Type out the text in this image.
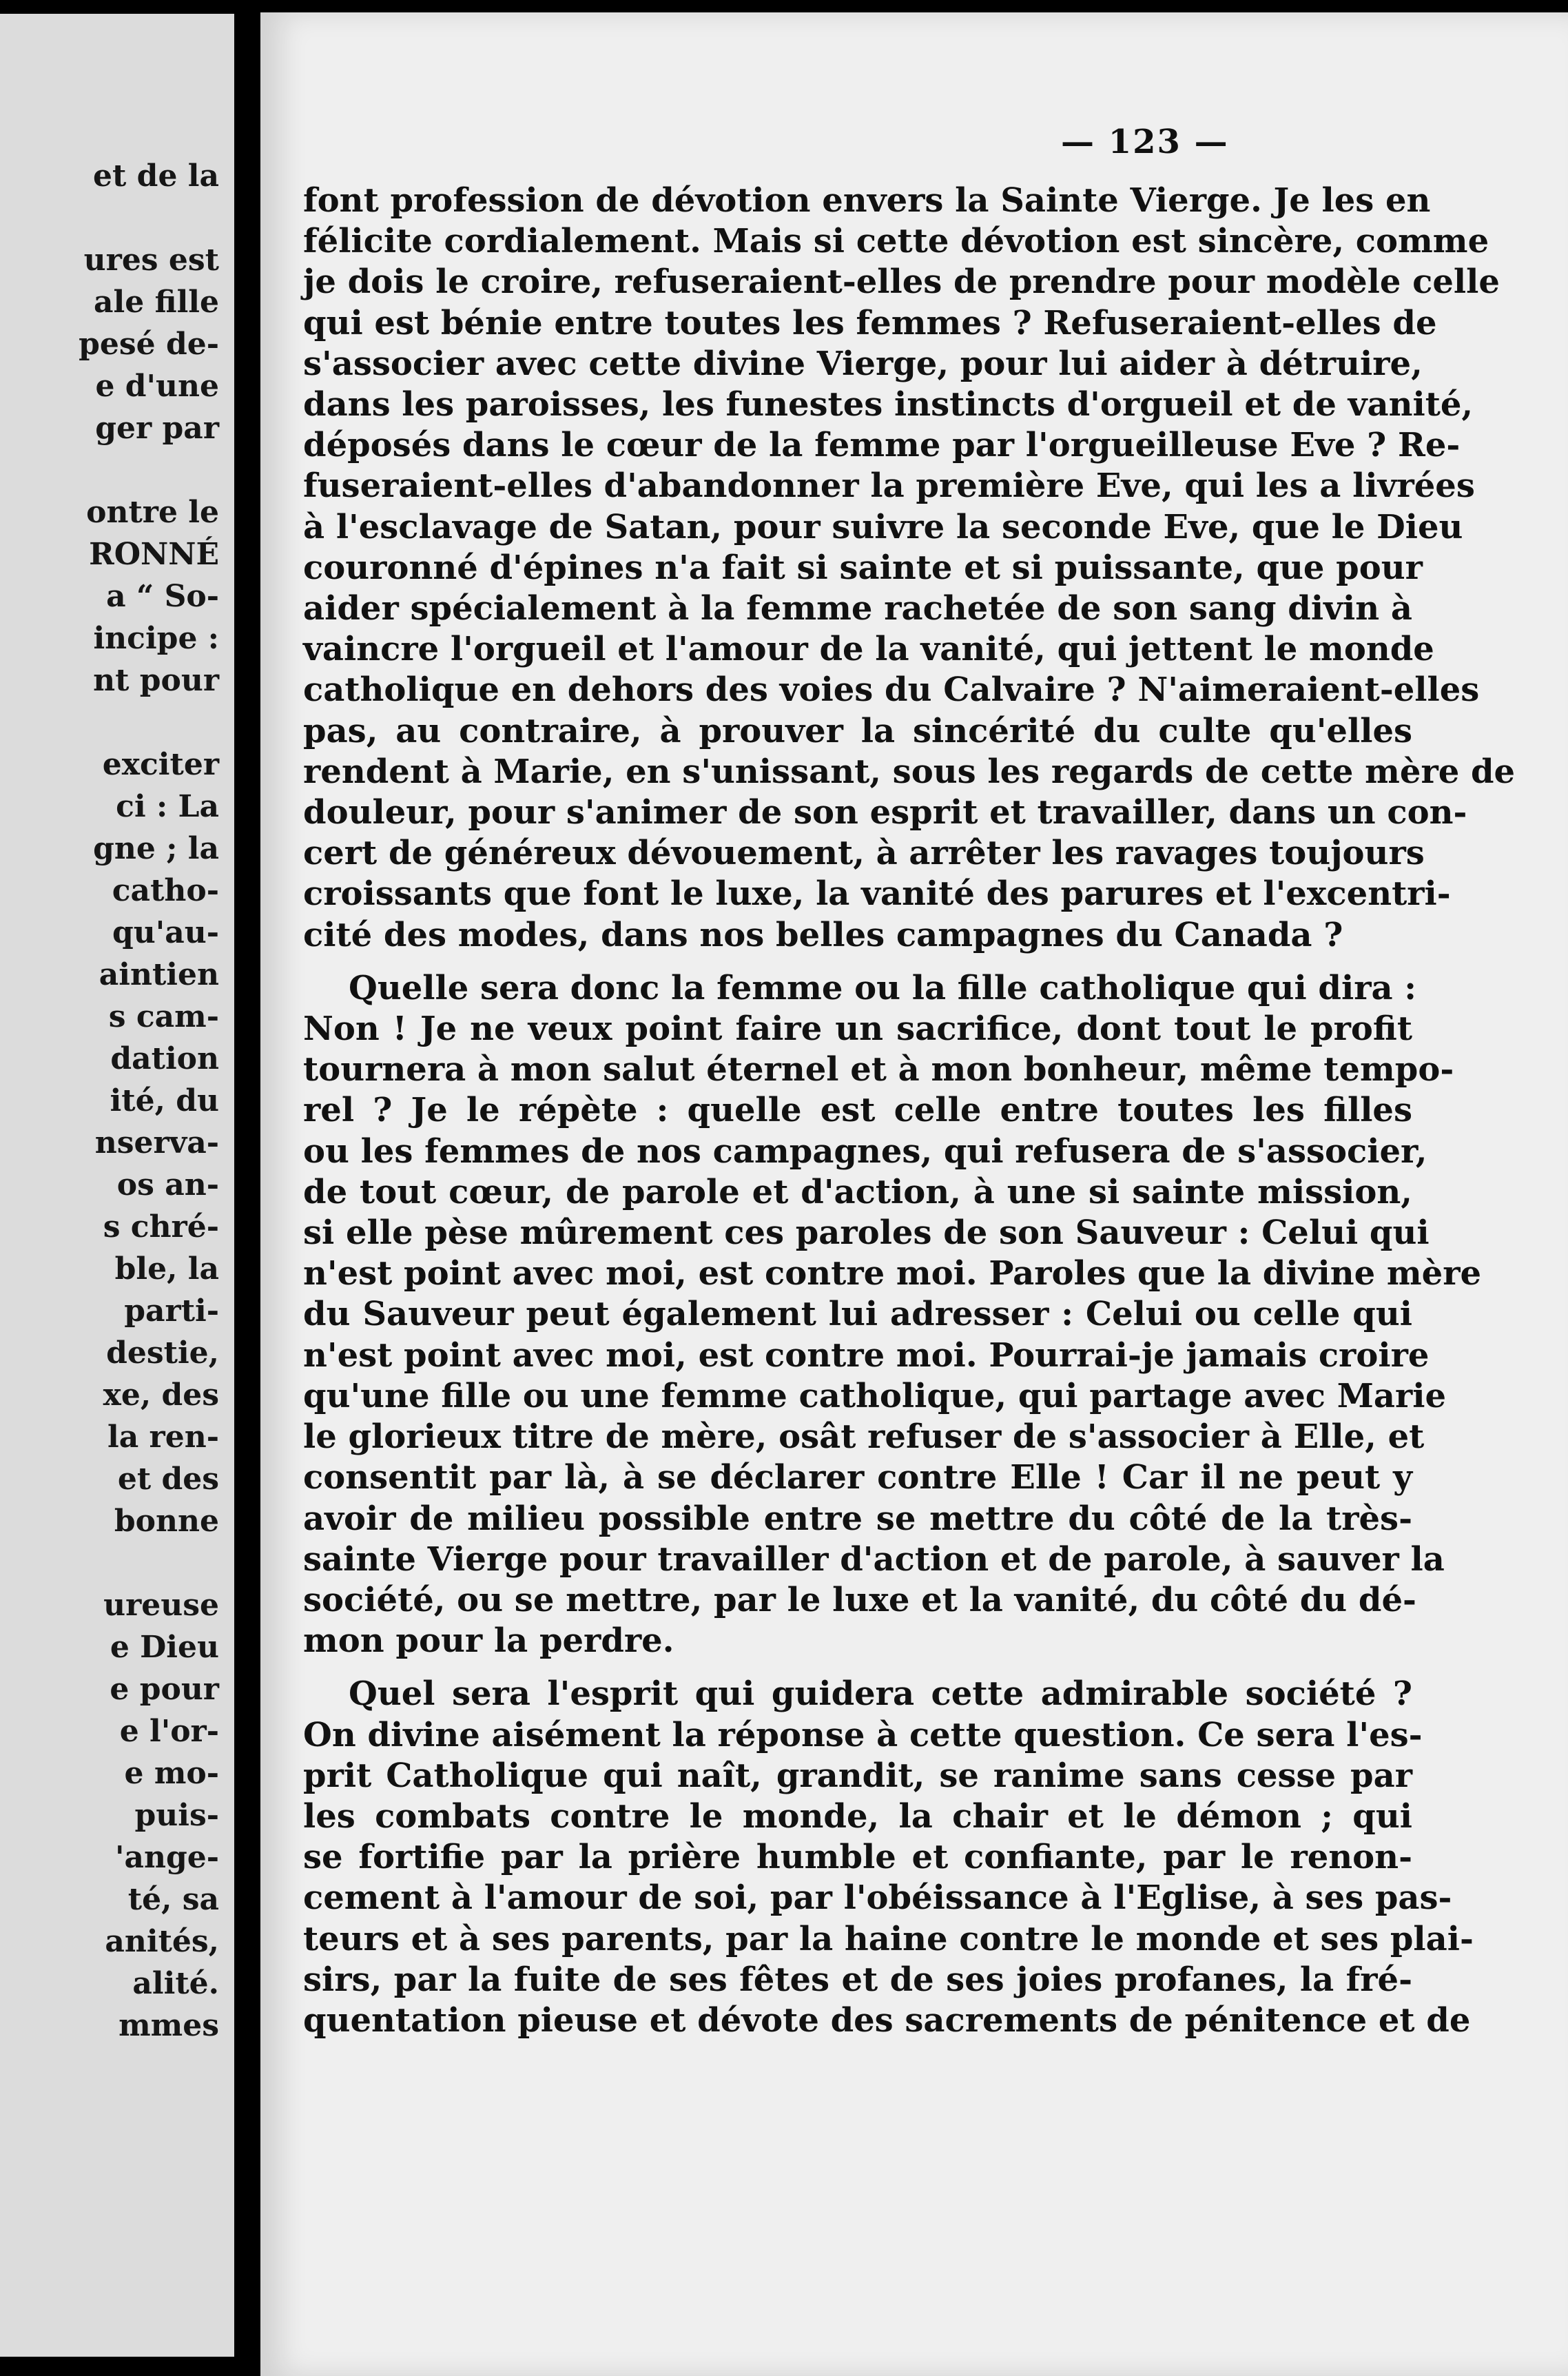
et de la

ures est
ale fille
pesé de-
e d'une
ger par

ontre le
RONNÉ
a “ So-
incipe :
nt pour

exciter
ci : La
gne ; la
catho-
qu'au-
aintien
s cam-
dation
ité, du
nserva-
os an-
s chré-
ble, la
parti-
destie,
xe, des
la ren-
et des
bonne

ureuse
e Dieu
e pour
e l'or-
e mo-
puis-
'ange-
té, sa
anités,
alité.
mmes
— 123 —
font profession de dévotion envers la Sainte Vierge. Je les en
félicite cordialement. Mais si cette dévotion est sincère, comme
je dois le croire, refuseraient-elles de prendre pour modèle celle
qui est bénie entre toutes les femmes ? Refuseraient-elles de
s'associer avec cette divine Vierge, pour lui aider à détruire,
dans les paroisses, les funestes instincts d'orgueil et de vanité,
déposés dans le cœur de la femme par l'orgueilleuse Eve ? Re-
fuseraient-elles d'abandonner la première Eve, qui les a livrées
à l'esclavage de Satan, pour suivre la seconde Eve, que le Dieu
couronné d'épines n'a fait si sainte et si puissante, que pour
aider spécialement à la femme rachetée de son sang divin à
vaincre l'orgueil et l'amour de la vanité, qui jettent le monde
catholique en dehors des voies du Calvaire ? N'aimeraient-elles
pas, au contraire, à prouver la sincérité du culte qu'elles
rendent à Marie, en s'unissant, sous les regards de cette mère de
douleur, pour s'animer de son esprit et travailler, dans un con-
cert de généreux dévouement, à arrêter les ravages toujours
croissants que font le luxe, la vanité des parures et l'excentri-
cité des modes, dans nos belles campagnes du Canada ?
Quelle sera donc la femme ou la fille catholique qui dira :
Non ! Je ne veux point faire un sacrifice, dont tout le profit
tournera à mon salut éternel et à mon bonheur, même tempo-
rel ? Je le répète : quelle est celle entre toutes les filles
ou les femmes de nos campagnes, qui refusera de s'associer,
de tout cœur, de parole et d'action, à une si sainte mission,
si elle pèse mûrement ces paroles de son Sauveur : Celui qui
n'est point avec moi, est contre moi. Paroles que la divine mère
du Sauveur peut également lui adresser : Celui ou celle qui
n'est point avec moi, est contre moi. Pourrai-je jamais croire
qu'une fille ou une femme catholique, qui partage avec Marie
le glorieux titre de mère, osât refuser de s'associer à Elle, et
consentit par là, à se déclarer contre Elle ! Car il ne peut y
avoir de milieu possible entre se mettre du côté de la très-
sainte Vierge pour travailler d'action et de parole, à sauver la
société, ou se mettre, par le luxe et la vanité, du côté du dé-
mon pour la perdre.
Quel sera l'esprit qui guidera cette admirable société ?
On divine aisément la réponse à cette question. Ce sera l'es-
prit Catholique qui naît, grandit, se ranime sans cesse par
les combats contre le monde, la chair et le démon ; qui
se fortifie par la prière humble et confiante, par le renon-
cement à l'amour de soi, par l'obéissance à l'Eglise, à ses pas-
teurs et à ses parents, par la haine contre le monde et ses plai-
sirs, par la fuite de ses fêtes et de ses joies profanes, la fré-
quentation pieuse et dévote des sacrements de pénitence et de
